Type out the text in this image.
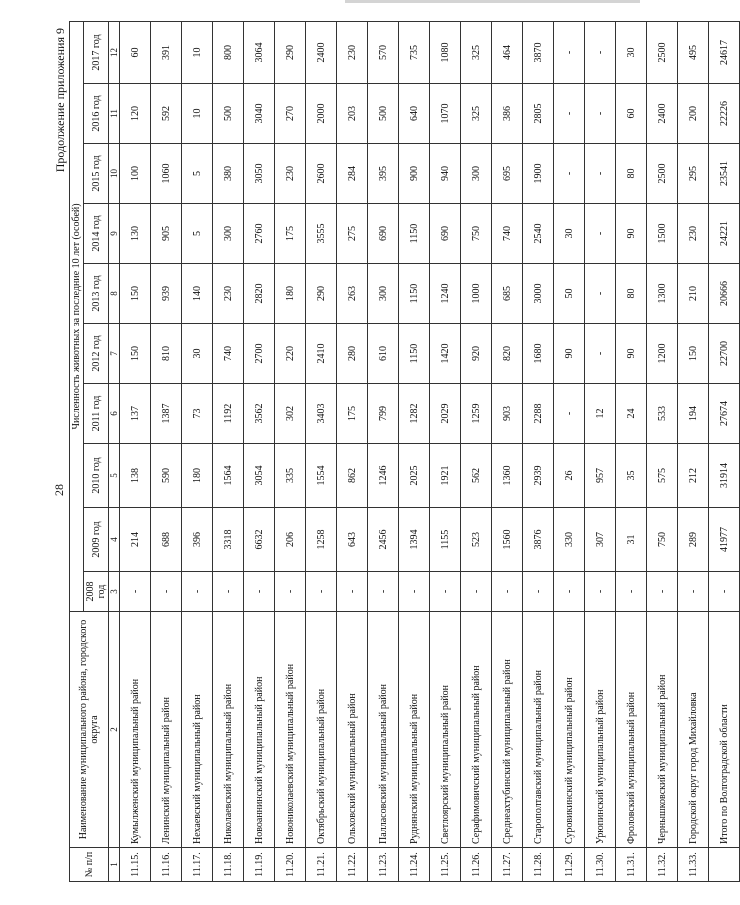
28
Продолжение приложения 9
№ п/п	Наименование муниципального района, городского округа	Численность животных за последние 10 лет (особей)									
		2008 год	2009 год	2010 год	2011 год	2012 год	2013 год	2014 год	2015 год	2016 год	2017 год
1	2	3	4	5	6	7	8	9	10	11	12
11.15.	Кумылженский муниципальный район	-	214	138	137	150	150	130	100	120	60
11.16.	Ленинский муниципальный район	-	688	590	1387	810	939	905	1060	592	391
11.17.	Нехаевский муниципальный район	-	396	180	73	30	140	5	5	10	10
11.18.	Николаевский муниципальный район	-	3318	1564	1192	740	230	300	380	500	800
11.19.	Новоаннинский муниципальный район	-	6632	3054	3562	2700	2820	2760	3050	3040	3064
11.20.	Новониколаевский муниципальный район	-	206	335	302	220	180	175	230	270	290
11.21.	Октябрьский муниципальный район	-	1258	1554	3403	2410	290	3555	2600	2000	2400
11.22.	Ольховский муниципальный район	-	643	862	175	280	263	275	284	203	230
11.23.	Палласовский муниципальный район	-	2456	1246	799	610	300	690	395	500	570
11.24.	Руднянский муниципальный район	-	1394	2025	1282	1150	1150	1150	900	640	735
11.25.	Светлоярский муниципальный район	-	1155	1921	2029	1420	1240	690	940	1070	1080
11.26.	Серафимовичский муниципальный район	-	523	562	1259	920	1000	750	300	325	325
11.27.	Среднеахтубинский муниципальный район	-	1560	1360	903	820	685	740	695	386	464
11.28.	Старополтавский муниципальный район	-	3876	2939	2288	1680	3000	2540	1900	2805	3870
11.29.	Суровикинский муниципальный район	-	330	26	-	90	50	30	-	-	-
11.30.	Урюпинский муниципальный район	-	307	957	12	-	-	-	-	-	-
11.31.	Фроловский муниципальный район	-	31	35	24	90	80	90	80	60	30
11.32.	Чернышковский муниципальный район	-	750	575	533	1200	1300	1500	2500	2400	2500
11.33.	Городской округ город Михайловка	-	289	212	194	150	210	230	295	200	495
	Итого по Волгоградской области	-	41977	31914	27674	22700	20666	24221	23541	22226	24617
